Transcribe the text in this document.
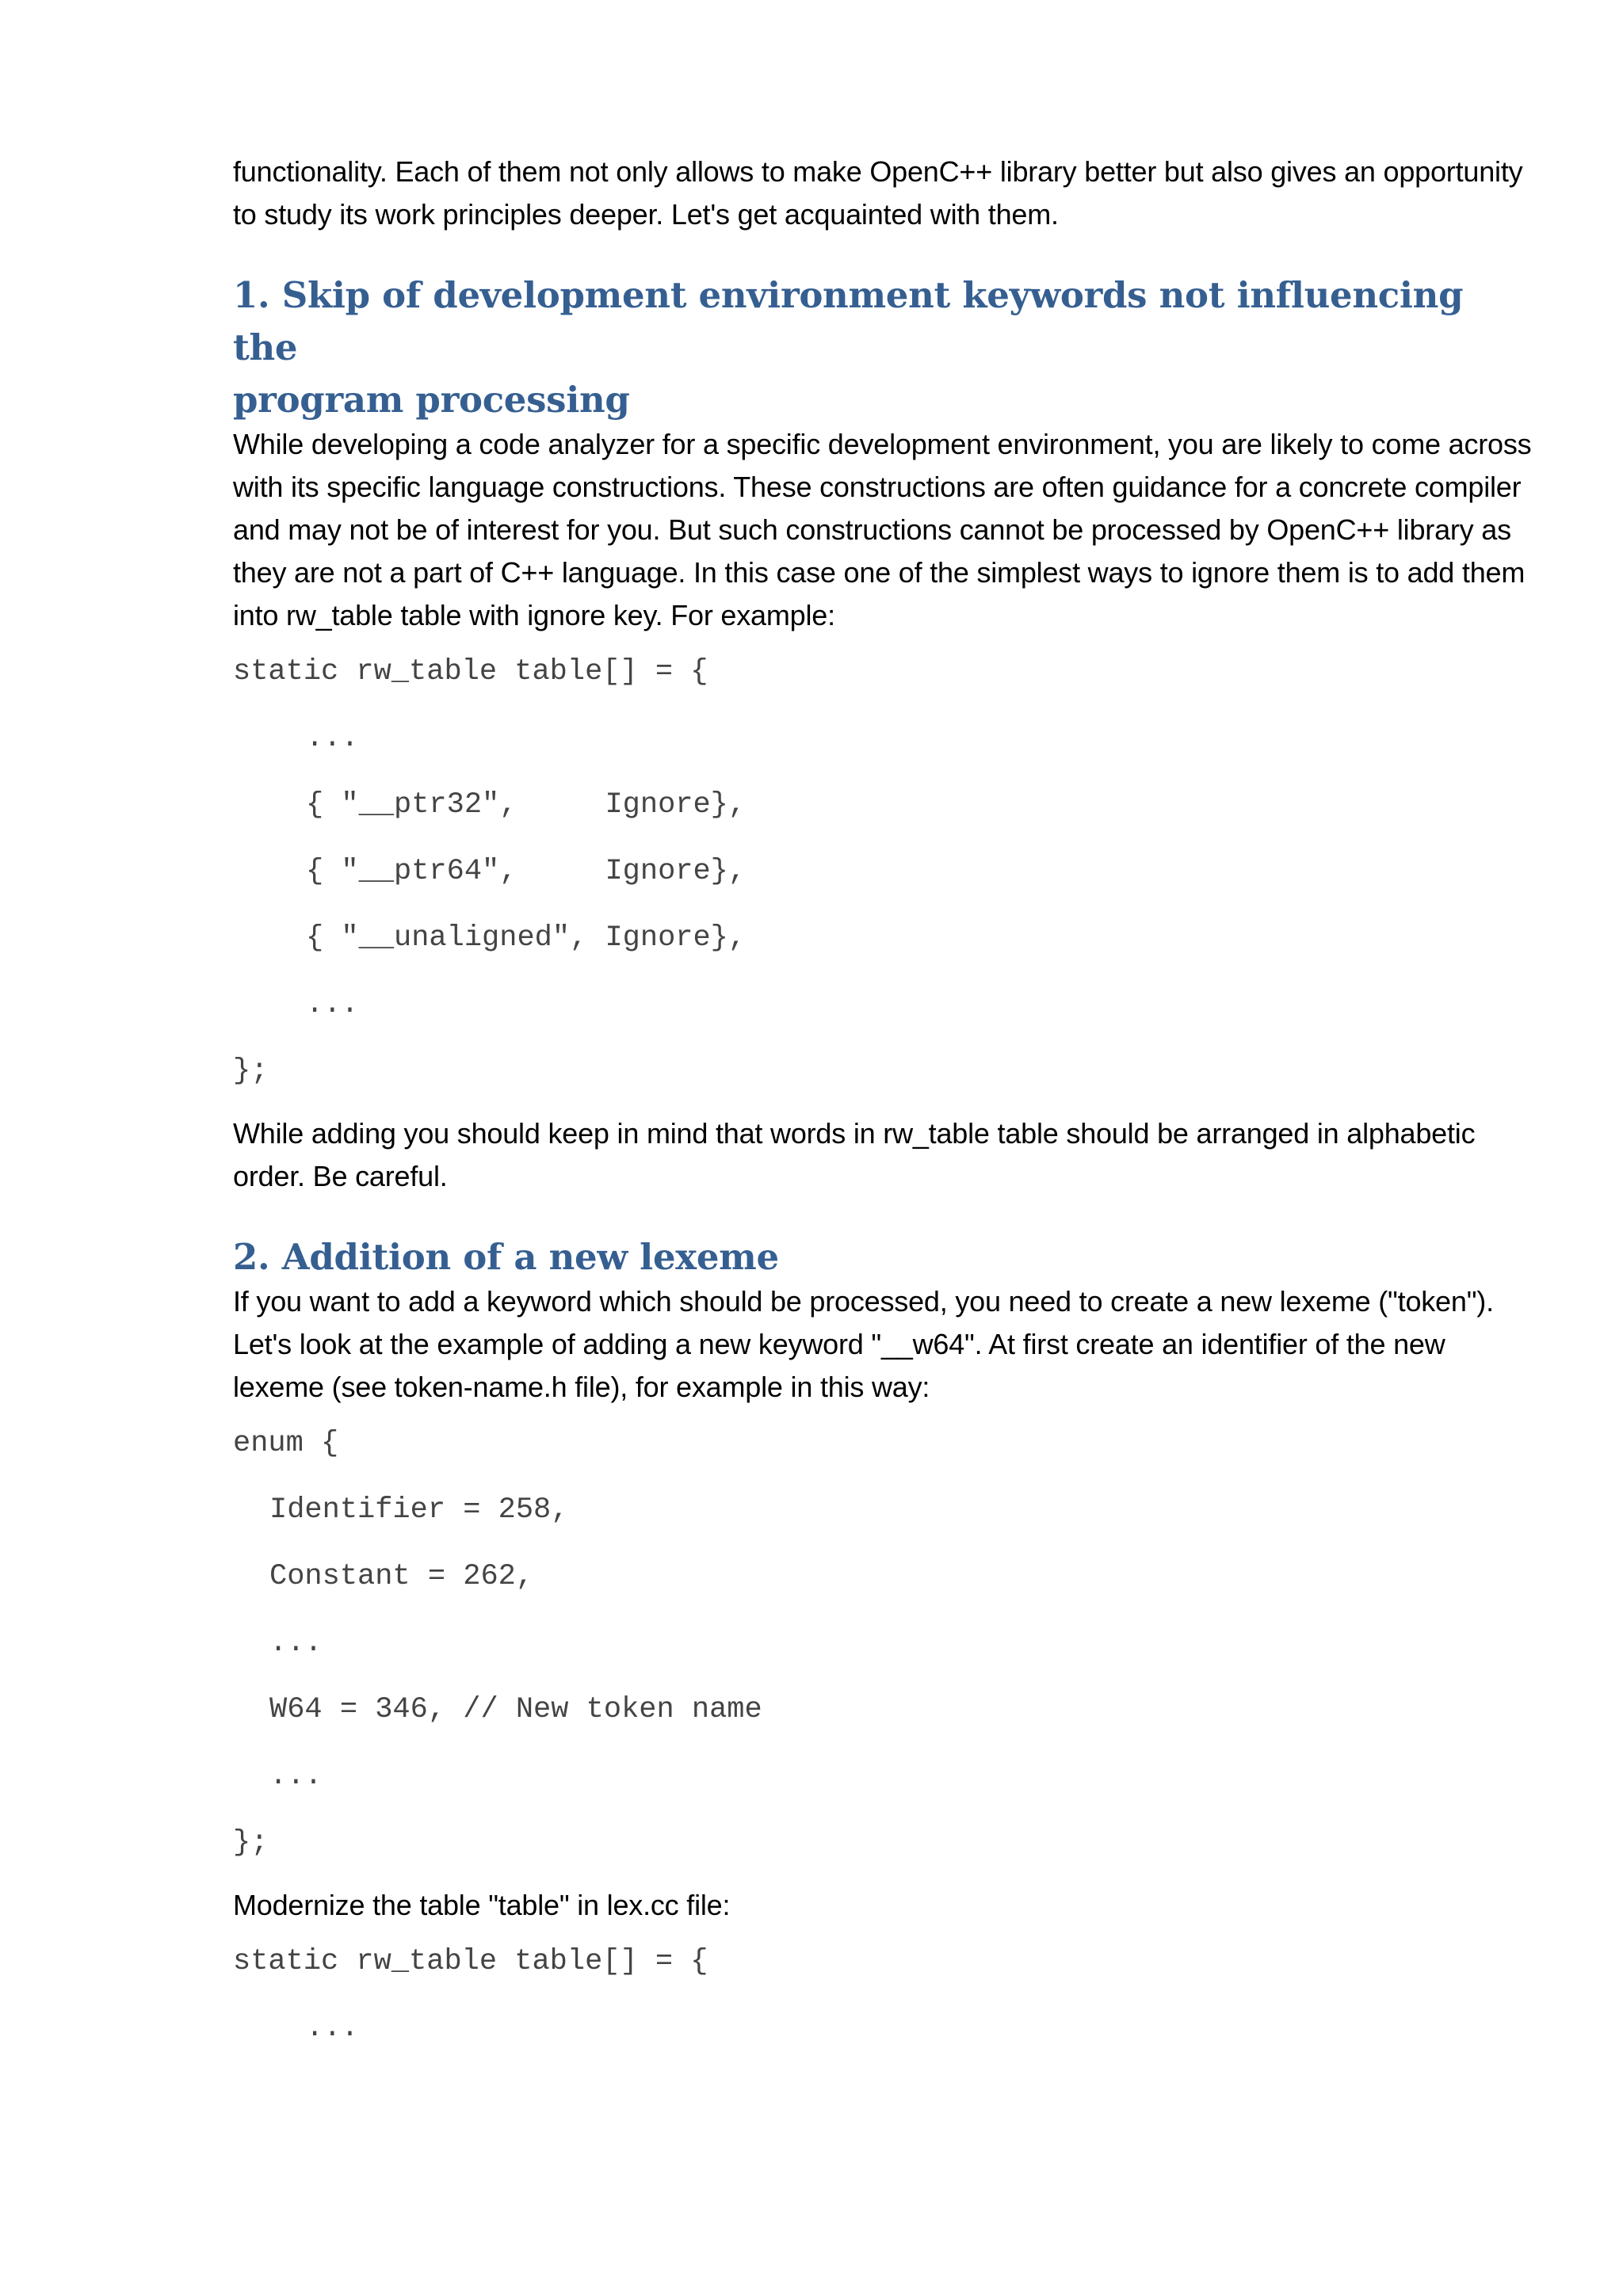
functionality. Each of them not only allows to make OpenC++ library better but also gives an opportunity
to study its work principles deeper. Let's get acquainted with them.

1. Skip of development environment keywords not influencing the
program processing

While developing a code analyzer for a specific development environment, you are likely to come across
with its specific language constructions. These constructions are often guidance for a concrete compiler
and may not be of interest for you. But such constructions cannot be processed by OpenC++ library as
they are not a part of C++ language. In this case one of the simplest ways to ignore them is to add them
into rw_table table with ignore key. For example:

static rw_table table[] = {
...
{ "__ptr32",     Ignore},
{ "__ptr64",     Ignore},
{ "__unaligned", Ignore},
...
};

While adding you should keep in mind that words in rw_table table should be arranged in alphabetic
order. Be careful.

2. Addition of a new lexeme

If you want to add a keyword which should be processed, you need to create a new lexeme ("token").
Let's look at the example of adding a new keyword "__w64". At first create an identifier of the new
lexeme (see token-name.h file), for example in this way:

enum {
Identifier = 258,
Constant = 262,
...
W64 = 346, // New token name
...
};

Modernize the table "table" in lex.cc file:

static rw_table table[] = {
...
